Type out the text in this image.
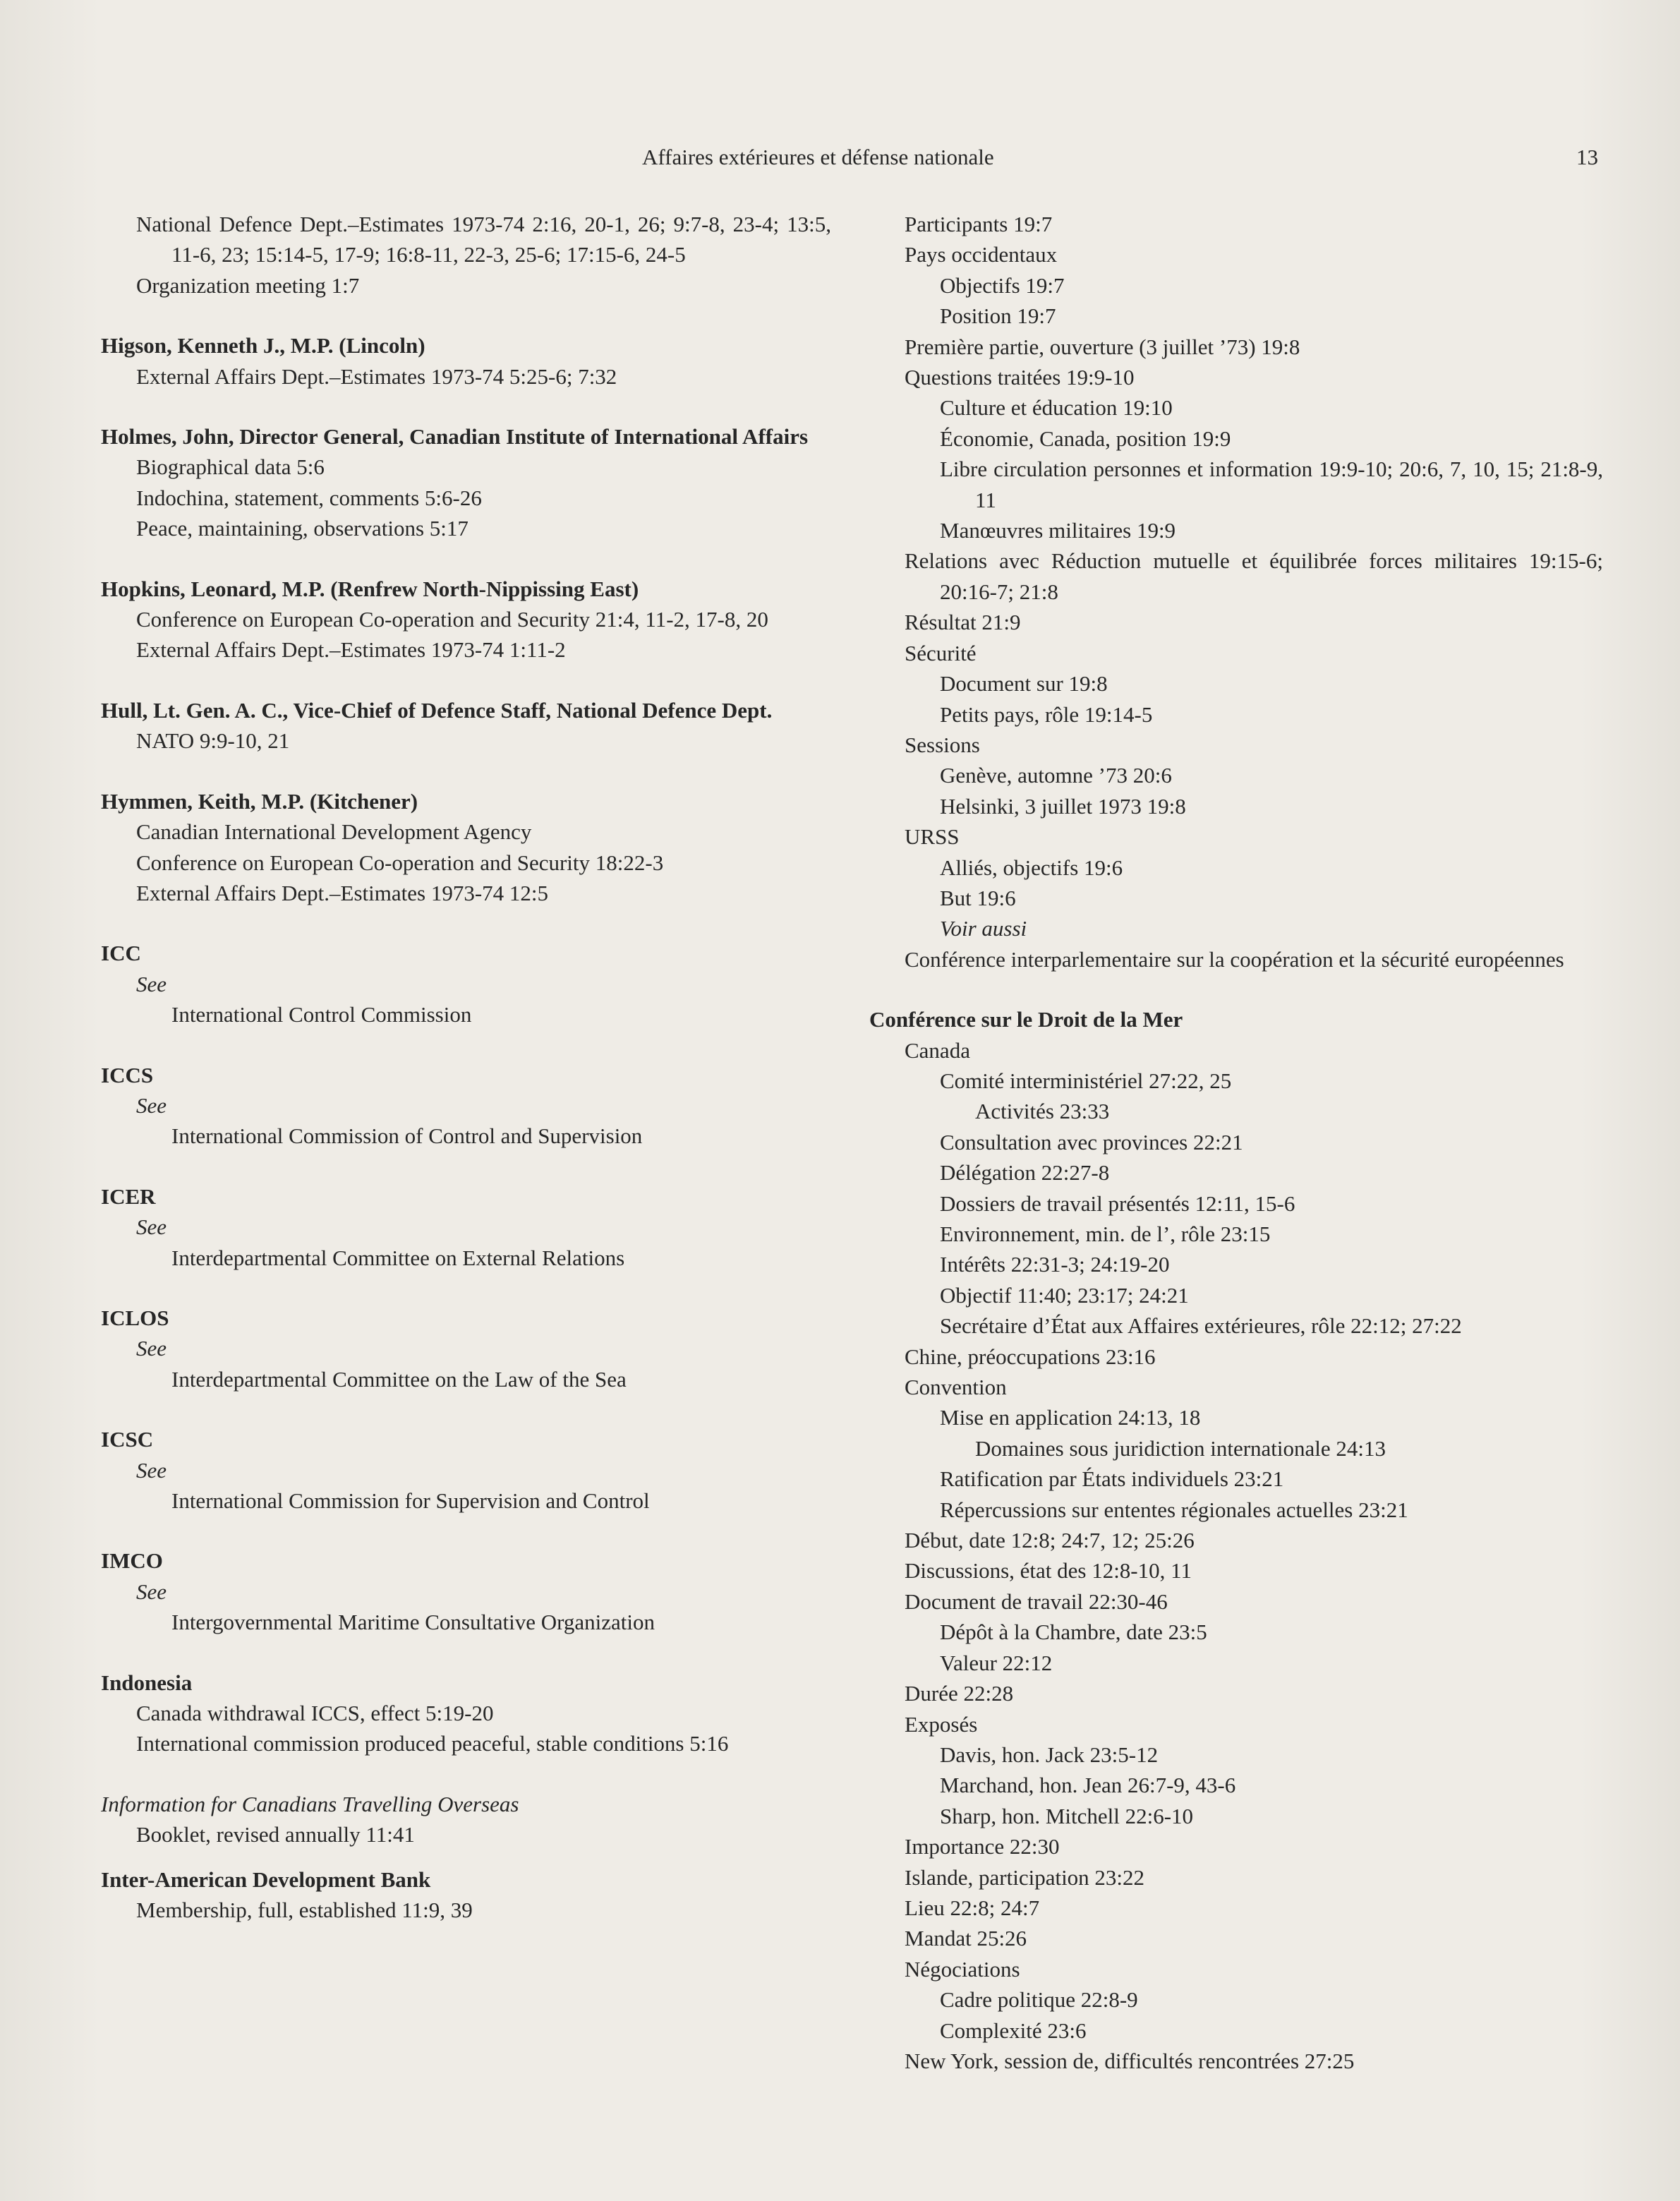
Affaires extérieures et défense nationale	13
National Defence Dept.–Estimates 1973-74 2:16, 20-1, 26; 9:7-8, 23-4; 13:5, 11-6, 23; 15:14-5, 17-9; 16:8-11, 22-3, 25-6; 17:15-6, 24-5
Organization meeting 1:7
Higson, Kenneth J., M.P. (Lincoln)
External Affairs Dept.–Estimates 1973-74 5:25-6; 7:32
Holmes, John, Director General, Canadian Institute of International Affairs
Biographical data 5:6
Indochina, statement, comments 5:6-26
Peace, maintaining, observations 5:17
Hopkins, Leonard, M.P. (Renfrew North-Nippissing East)
Conference on European Co-operation and Security 21:4, 11-2, 17-8, 20
External Affairs Dept.–Estimates 1973-74 1:11-2
Hull, Lt. Gen. A. C., Vice-Chief of Defence Staff, National Defence Dept.
NATO 9:9-10, 21
Hymmen, Keith, M.P. (Kitchener)
Canadian International Development Agency
Conference on European Co-operation and Security 18:22-3
External Affairs Dept.–Estimates 1973-74 12:5
ICC
See
International Control Commission
ICCS
See
International Commission of Control and Supervision
ICER
See
Interdepartmental Committee on External Relations
ICLOS
See
Interdepartmental Committee on the Law of the Sea
ICSC
See
International Commission for Supervision and Control
IMCO
See
Intergovernmental Maritime Consultative Organization
Indonesia
Canada withdrawal ICCS, effect 5:19-20
International commission produced peaceful, stable conditions 5:16
Information for Canadians Travelling Overseas
Booklet, revised annually 11:41
Inter-American Development Bank
Membership, full, established 11:9, 39
Participants 19:7
Pays occidentaux
Objectifs 19:7
Position 19:7
Première partie, ouverture (3 juillet ’73) 19:8
Questions traitées 19:9-10
Culture et éducation 19:10
Économie, Canada, position 19:9
Libre circulation personnes et information 19:9-10; 20:6, 7, 10, 15; 21:8-9, 11
Manœuvres militaires 19:9
Relations avec Réduction mutuelle et équilibrée forces militaires 19:15-6; 20:16-7; 21:8
Résultat 21:9
Sécurité
Document sur 19:8
Petits pays, rôle 19:14-5
Sessions
Genève, automne ’73 20:6
Helsinki, 3 juillet 1973 19:8
URSS
Alliés, objectifs 19:6
But 19:6
Voir aussi
Conférence interparlementaire sur la coopération et la sécurité européennes
Conférence sur le Droit de la Mer
Canada
Comité interministériel 27:22, 25
Activités 23:33
Consultation avec provinces 22:21
Délégation 22:27-8
Dossiers de travail présentés 12:11, 15-6
Environnement, min. de l’, rôle 23:15
Intérêts 22:31-3; 24:19-20
Objectif 11:40; 23:17; 24:21
Secrétaire d’État aux Affaires extérieures, rôle 22:12; 27:22
Chine, préoccupations 23:16
Convention
Mise en application 24:13, 18
Domaines sous juridiction internationale 24:13
Ratification par États individuels 23:21
Répercussions sur ententes régionales actuelles 23:21
Début, date 12:8; 24:7, 12; 25:26
Discussions, état des 12:8-10, 11
Document de travail 22:30-46
Dépôt à la Chambre, date 23:5
Valeur 22:12
Durée 22:28
Exposés
Davis, hon. Jack 23:5-12
Marchand, hon. Jean 26:7-9, 43-6
Sharp, hon. Mitchell 22:6-10
Importance 22:30
Islande, participation 23:22
Lieu 22:8; 24:7
Mandat 25:26
Négociations
Cadre politique 22:8-9
Complexité 23:6
New York, session de, difficultés rencontrées 27:25
